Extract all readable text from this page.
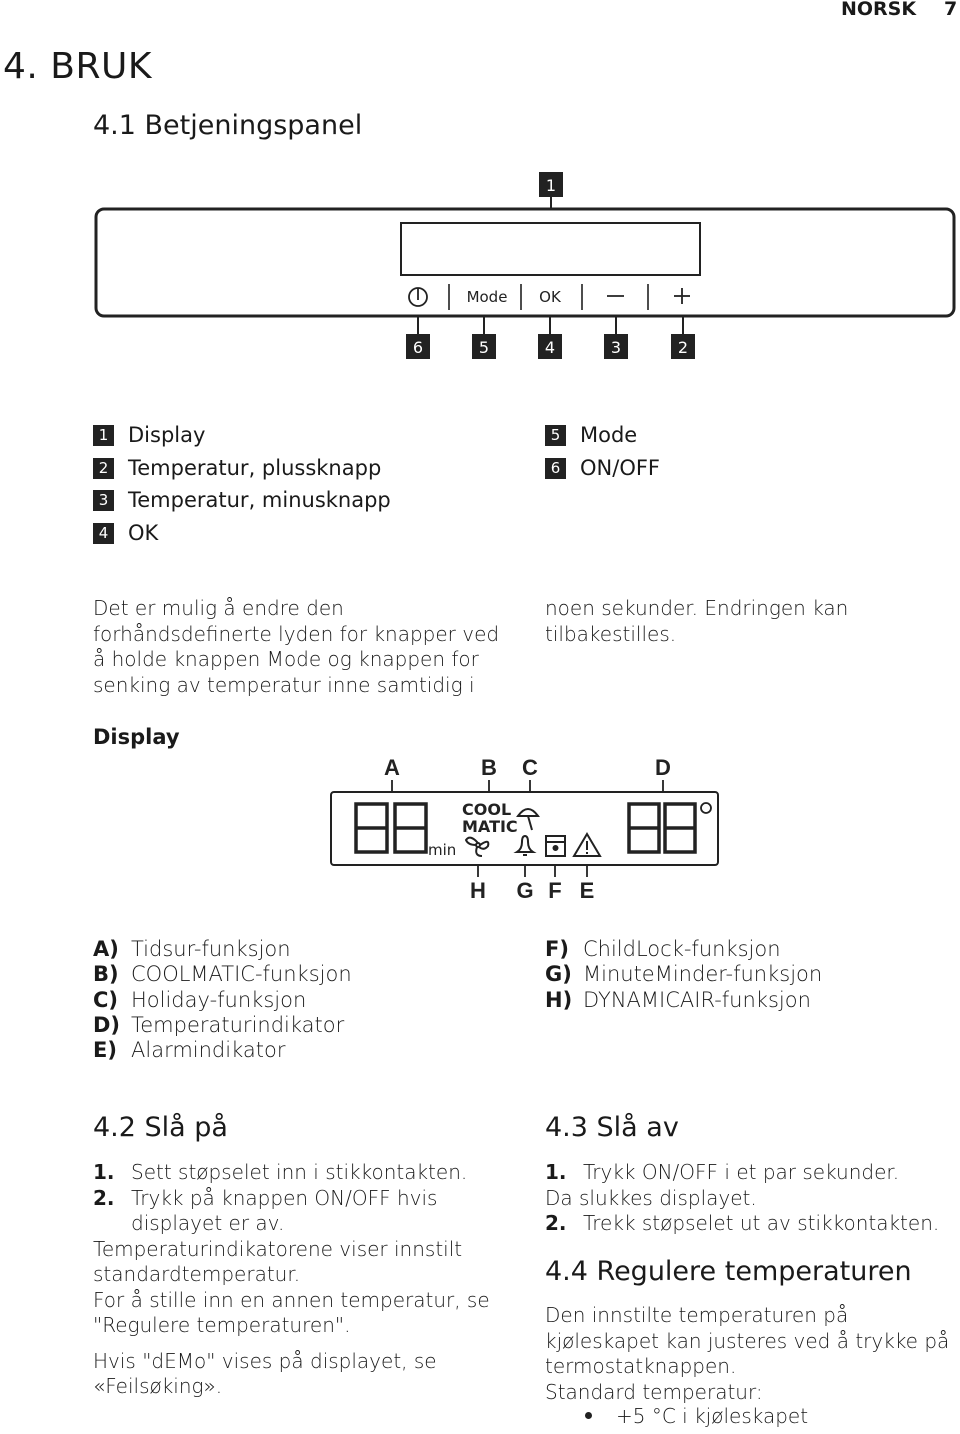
NORSK 7
4. BRUK
4.1 Betjeningspanel
1
Mode OK
6	5	4	3	2
1 Display
2 Temperatur, plussknapp
3 Temperatur, minusknapp
4 OK
5 Mode
6 ON/OFF
Det er mulig å endre den
forhåndsdefinerte lyden for knapper ved
å holde knappen Mode og knappen for
senking av temperatur inne samtidig i
noen sekunder. Endringen kan
tilbakestilles.
Display
A	B C	D
H G F E
min
COOL
MATIC
A) Tidsur-funksjon
B) COOLMATIC-funksjon
C) Holiday-funksjon
D) Temperaturindikator
E) Alarmindikator
F) ChildLock-funksjon
G) MinuteMinder-funksjon
H) DYNAMICAIR-funksjon
4.2 Slå på
1. Sett støpselet inn i stikkontakten.
2. Trykk på knappen ON/OFF hvis
displayet er av.
Temperaturindikatorene viser innstilt
standardtemperatur.
For å stille inn en annen temperatur, se
"Regulere temperaturen".
Hvis "dEMo" vises på displayet, se
«Feilsøking».
4.3 Slå av
1. Trykk ON/OFF i et par sekunder.
Da slukkes displayet.
2. Trekk støpselet ut av stikkontakten.
4.4 Regulere temperaturen
Den innstilte temperaturen på
kjøleskapet kan justeres ved å trykke på
termostatknappen.
Standard temperatur:
+5 °C i kjøleskapet
